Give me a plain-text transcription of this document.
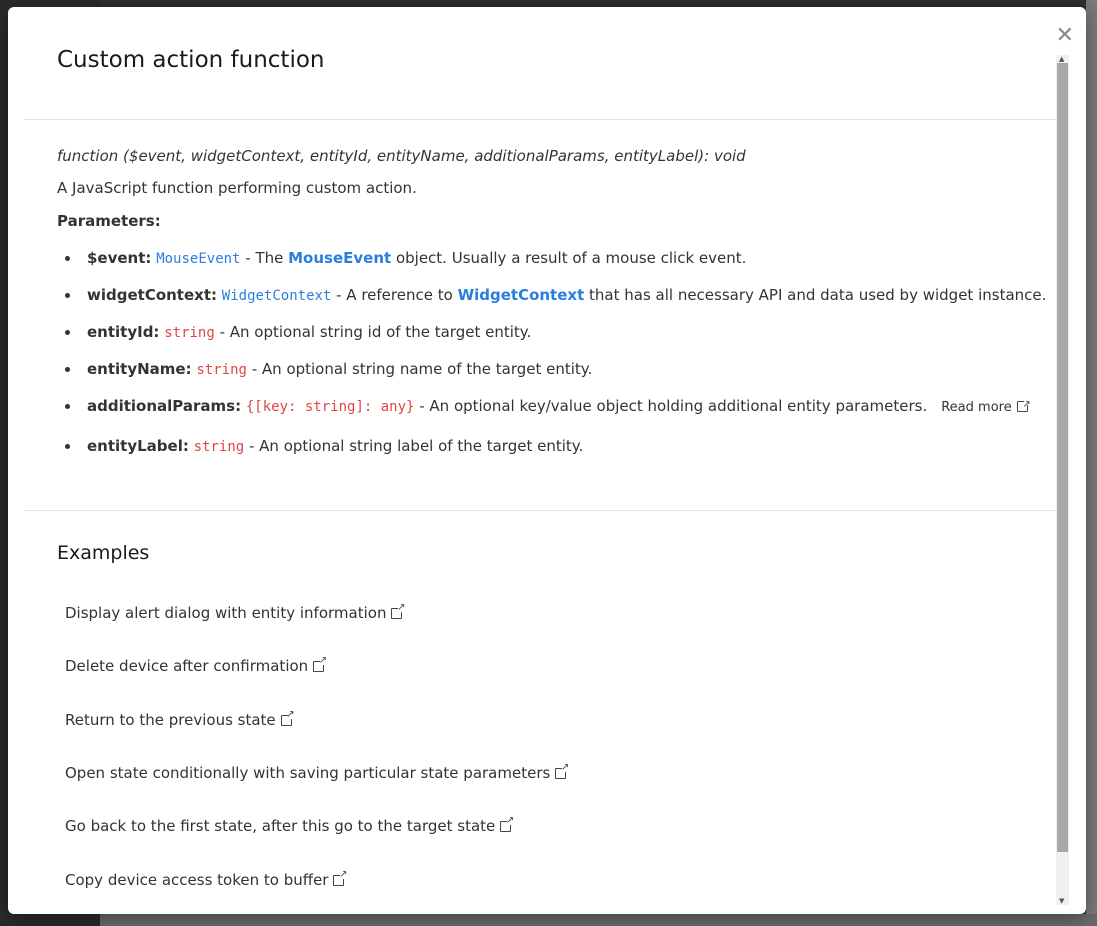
✕
Custom action function
function ($event, widgetContext, entityId, entityName, additionalParams, entityLabel): void
A JavaScript function performing custom action.
Parameters:
$event: MouseEvent - The MouseEvent object. Usually a result of a mouse click event.
widgetContext: WidgetContext - A reference to WidgetContext that has all necessary API and data used by widget instance.
entityId: string - An optional string id of the target entity.
entityName: string - An optional string name of the target entity.
additionalParams: {[key: string]: any} - An optional key/value object holding additional entity parameters. Read more↗
entityLabel: string - An optional string label of the target entity.
Examples
Display alert dialog with entity information↗
Delete device after confirmation↗
Return to the previous state↗
Open state conditionally with saving particular state parameters↗
Go back to the first state, after this go to the target state↗
Copy device access token to buffer↗
▲
▼
